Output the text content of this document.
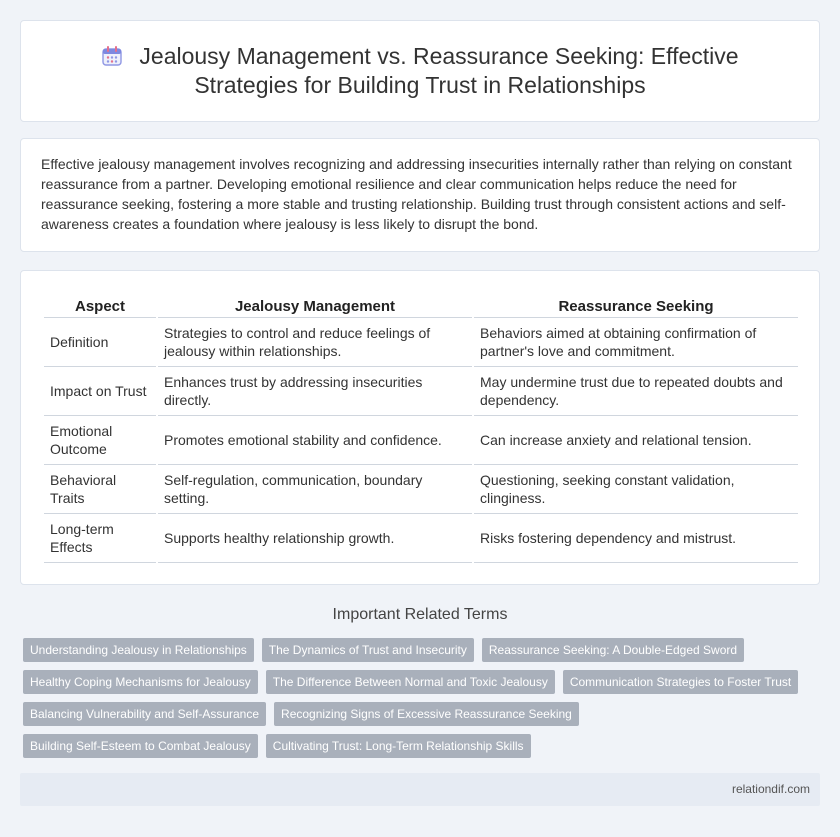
Jealousy Management vs. Reassurance Seeking: Effective Strategies for Building Trust in Relationships

Effective jealousy management involves recognizing and addressing insecurities internally rather than relying on constant reassurance from a partner. Developing emotional resilience and clear communication helps reduce the need for reassurance seeking, fostering a more stable and trusting relationship. Building trust through consistent actions and self-awareness creates a foundation where jealousy is less likely to disrupt the bond.

Aspect	Jealousy Management	Reassurance Seeking
Definition	Strategies to control and reduce feelings of jealousy within relationships.	Behaviors aimed at obtaining confirmation of partner's love and commitment.
Impact on Trust	Enhances trust by addressing insecurities directly.	May undermine trust due to repeated doubts and dependency.
Emotional Outcome	Promotes emotional stability and confidence.	Can increase anxiety and relational tension.
Behavioral Traits	Self-regulation, communication, boundary setting.	Questioning, seeking constant validation, clinginess.
Long-term Effects	Supports healthy relationship growth.	Risks fostering dependency and mistrust.
Important Related Terms
Understanding Jealousy in Relationships	The Dynamics of Trust and Insecurity	Reassurance Seeking: A Double-Edged Sword
Healthy Coping Mechanisms for Jealousy	The Difference Between Normal and Toxic Jealousy	Communication Strategies to Foster Trust
Balancing Vulnerability and Self-Assurance	Recognizing Signs of Excessive Reassurance Seeking
Building Self-Esteem to Combat Jealousy	Cultivating Trust: Long-Term Relationship Skills
relationdif.com
